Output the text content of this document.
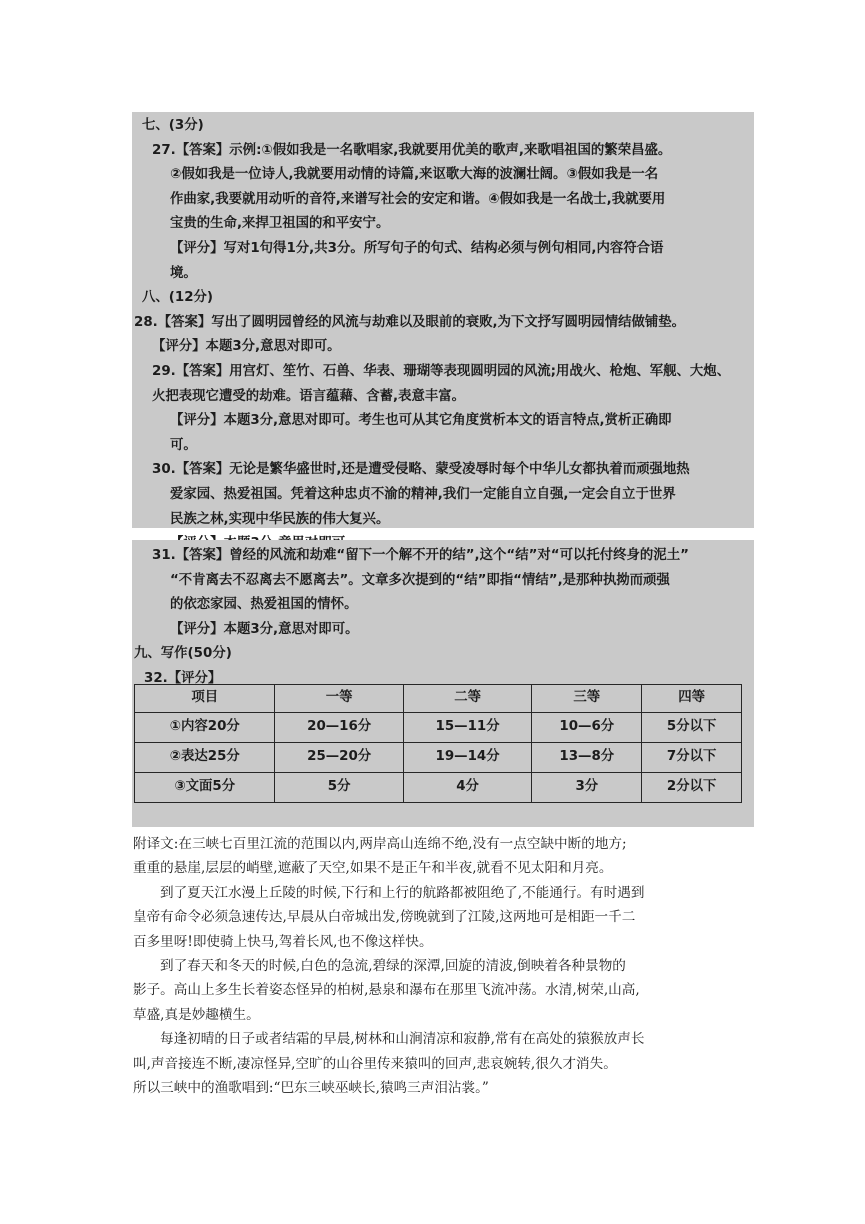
七、(3分)
27.【答案】示例:①假如我是一名歌唱家,我就要用优美的歌声,来歌唱祖国的繁荣昌盛。
②假如我是一位诗人,我就要用动情的诗篇,来讴歌大海的波澜壮阔。③假如我是一名
作曲家,我要就用动听的音符,来谱写社会的安定和谐。④假如我是一名战士,我就要用
宝贵的生命,来捍卫祖国的和平安宁。
【评分】写对1句得1分,共3分。所写句子的句式、结构必须与例句相同,内容符合语
境。
八、(12分)
28.【答案】写出了圆明园曾经的风流与劫难以及眼前的衰败,为下文抒写圆明园情结做铺垫。
【评分】本题3分,意思对即可。
29.【答案】用宫灯、笙竹、石兽、华表、珊瑚等表现圆明园的风流;用战火、枪炮、军舰、大炮、
火把表现它遭受的劫难。语言蕴藉、含蓄,表意丰富。
【评分】本题3分,意思对即可。考生也可从其它角度赏析本文的语言特点,赏析正确即
可。
30.【答案】无论是繁华盛世时,还是遭受侵略、蒙受凌辱时每个中华儿女都执着而顽强地热
爱家园、热爱祖国。凭着这种忠贞不渝的精神,我们一定能自立自强,一定会自立于世界
民族之林,实现中华民族的伟大复兴。
31.【答案】曾经的风流和劫难“留下一个解不开的结”,这个“结”对“可以托付终身的泥土”
“不肯离去不忍离去不愿离去”。文章多次提到的“结”即指“情结”,是那种执拗而顽强
的依恋家园、热爱祖国的情怀。
【评分】本题3分,意思对即可。
九、写作(50分)
32.【评分】
项目	一等	二等	三等	四等
①内容20分	20—16分	15—11分	10—6分	5分以下
②表达25分	25—20分	19—14分	13—8分	7分以下
③文面5分	5分	4分	3分	2分以下

附译文:在三峡七百里江流的范围以内,两岸高山连绵不绝,没有一点空缺中断的地方;

重重的悬崖,层层的峭壁,遮蔽了天空,如果不是正午和半夜,就看不见太阳和月亮。

到了夏天江水漫上丘陵的时候,下行和上行的航路都被阻绝了,不能通行。有时遇到

皇帝有命令必须急速传达,早晨从白帝城出发,傍晚就到了江陵,这两地可是相距一千二

百多里呀!即使骑上快马,驾着长风,也不像这样快。

到了春天和冬天的时候,白色的急流,碧绿的深潭,回旋的清波,倒映着各种景物的

影子。高山上多生长着姿态怪异的柏树,悬泉和瀑布在那里飞流冲荡。水清,树荣,山高,

草盛,真是妙趣横生。

每逢初晴的日子或者结霜的早晨,树林和山涧清凉和寂静,常有在高处的猿猴放声长

叫,声音接连不断,凄凉怪异,空旷的山谷里传来猿叫的回声,悲哀婉转,很久才消失。

所以三峡中的渔歌唱到:“巴东三峡巫峡长,猿鸣三声泪沾裳。”
